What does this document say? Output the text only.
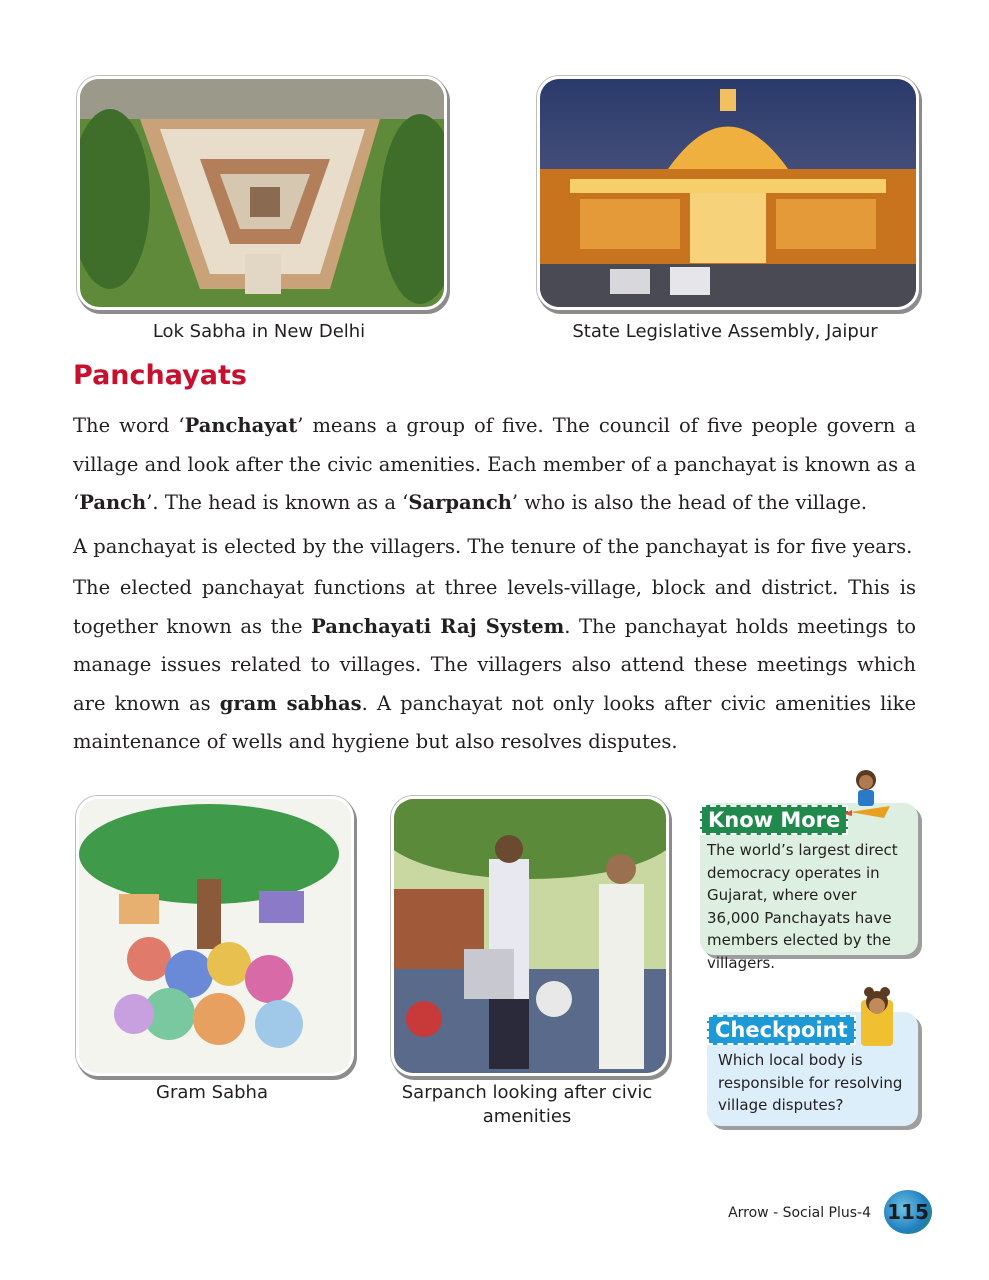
Lok Sabha in New Delhi	State Legislative Assembly, Jaipur
Panchayats

The word ‘Panchayat’ means a group of five. The council of five people govern a village and look after the civic amenities. Each member of a panchayat is known as a ‘Panch’. The head is known as a ‘Sarpanch’ who is also the head of the village.

A panchayat is elected by the villagers. The tenure of the panchayat is for five years.

The elected panchayat functions at three levels-village, block and district. This is together known as the Panchayati Raj System. The panchayat holds meetings to manage issues related to villages. The villagers also attend these meetings which are known as gram sabhas. A panchayat not only looks after civic amenities like maintenance of wells and hygiene but also resolves disputes.

Gram Sabha	Sarpanch looking after civic amenities
Know More
The world’s largest direct democracy operates in Gujarat, where over 36,000 Panchayats have members elected by the villagers.
Checkpoint
Which local body is responsible for resolving village disputes?
Arrow - Social Plus-4 115
